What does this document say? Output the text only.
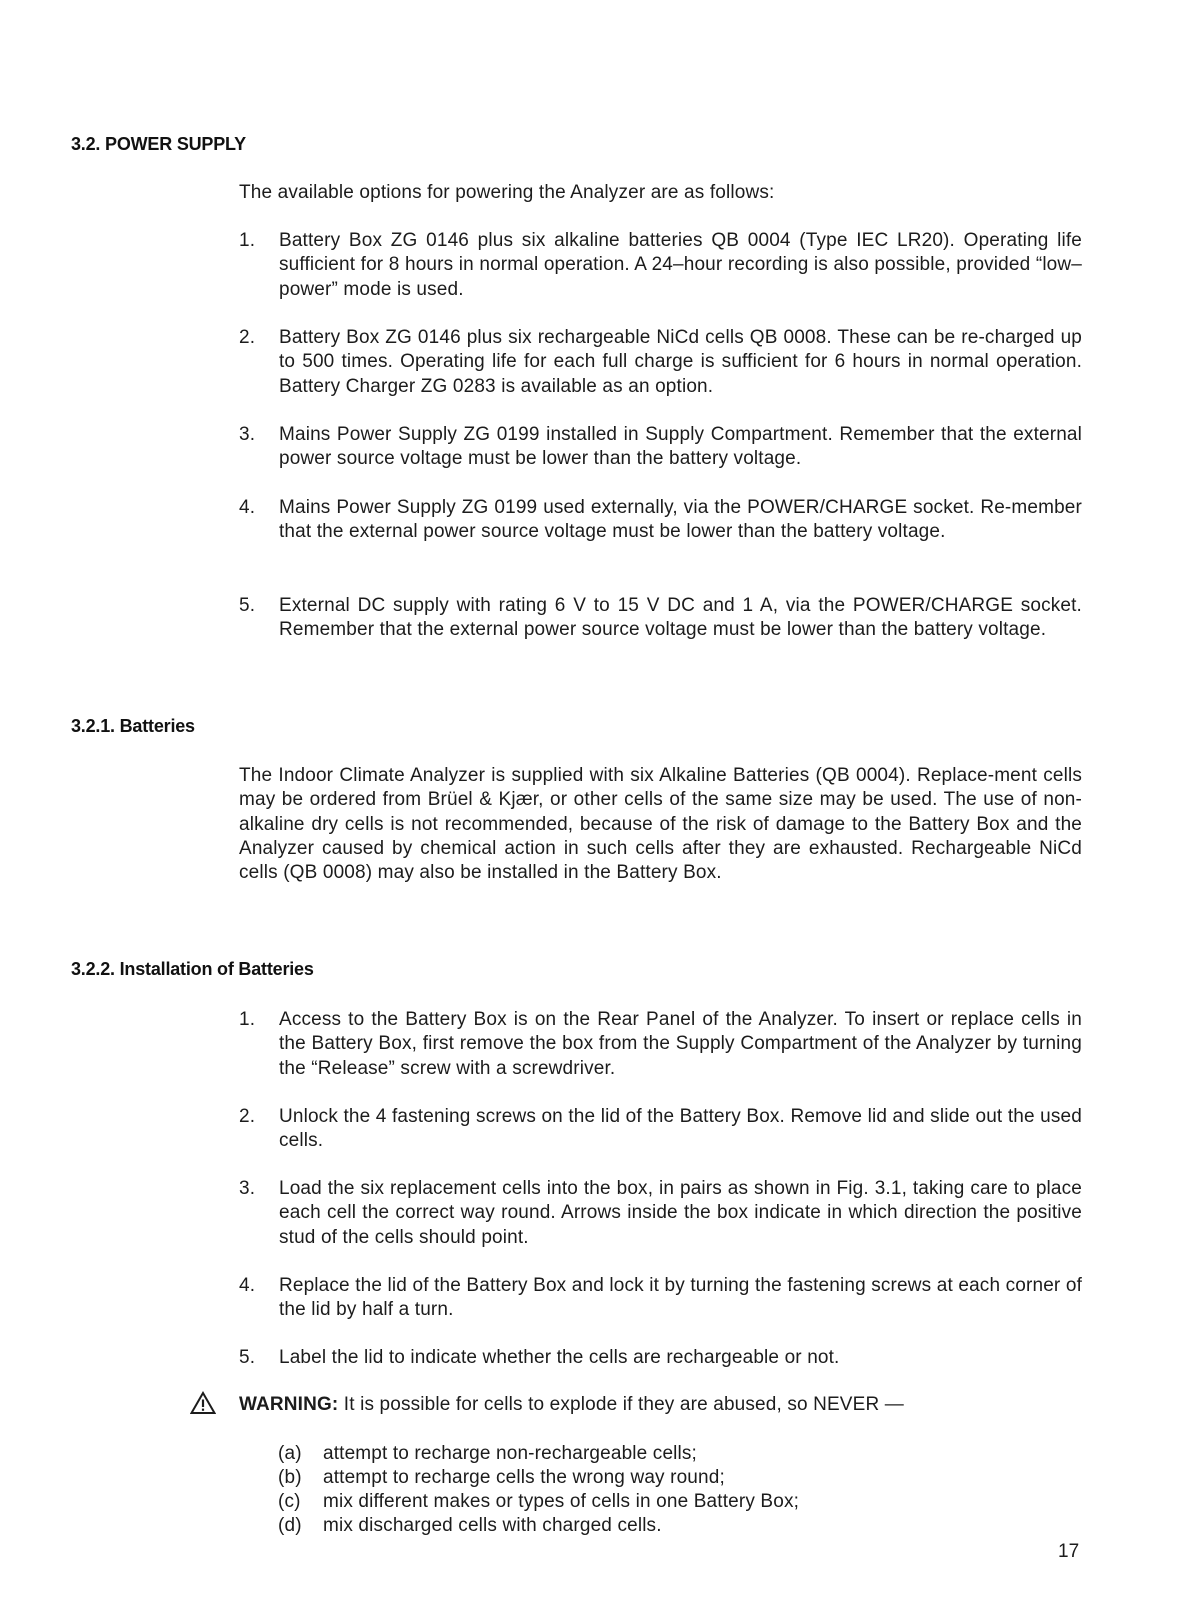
3.2. POWER SUPPLY
The available options for powering the Analyzer are as follows:
1.	Battery Box ZG 0146 plus six alkaline batteries QB 0004 (Type IEC LR20). Operating life sufficient for 8 hours in normal operation. A 24–hour recording is also possible, provided “low–power” mode is used.
2.	Battery Box ZG 0146 plus six rechargeable NiCd cells QB 0008. These can be re-charged up to 500 times. Operating life for each full charge is sufficient for 6 hours in normal operation. Battery Charger ZG 0283 is available as an option.
3.	Mains Power Supply ZG 0199 installed in Supply Compartment. Remember that the external power source voltage must be lower than the battery voltage.
4.	Mains Power Supply ZG 0199 used externally, via the POWER/CHARGE socket. Re-member that the external power source voltage must be lower than the battery voltage.
5.	External DC supply with rating 6 V to 15 V DC and 1 A, via the POWER/CHARGE socket. Remember that the external power source voltage must be lower than the battery voltage.
3.2.1. Batteries
The Indoor Climate Analyzer is supplied with six Alkaline Batteries (QB 0004). Replace-ment cells may be ordered from Brüel & Kjær, or other cells of the same size may be used. The use of non-alkaline dry cells is not recommended, because of the risk of damage to the Battery Box and the Analyzer caused by chemical action in such cells after they are exhausted. Rechargeable NiCd cells (QB 0008) may also be installed in the Battery Box.
3.2.2. Installation of Batteries
1.	Access to the Battery Box is on the Rear Panel of the Analyzer. To insert or replace cells in the Battery Box, first remove the box from the Supply Compartment of the Analyzer by turning the “Release” screw with a screwdriver.
2.	Unlock the 4 fastening screws on the lid of the Battery Box. Remove lid and slide out the used cells.
3.	Load the six replacement cells into the box, in pairs as shown in Fig. 3.1, taking care to place each cell the correct way round. Arrows inside the box indicate in which direction the positive stud of the cells should point.
4.	Replace the lid of the Battery Box and lock it by turning the fastening screws at each corner of the lid by half a turn.
5.	Label the lid to indicate whether the cells are rechargeable or not.
WARNING: It is possible for cells to explode if they are abused, so NEVER —
(a) attempt to recharge non-rechargeable cells;
(b) attempt to recharge cells the wrong way round;
(c) mix different makes or types of cells in one Battery Box;
(d) mix discharged cells with charged cells.
17
